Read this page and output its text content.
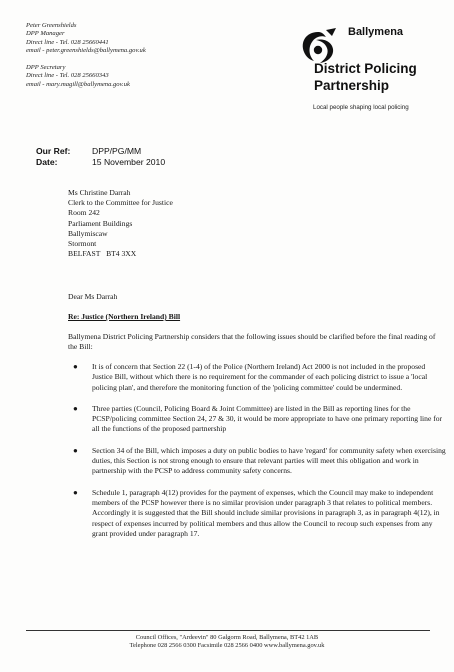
Peter Greenshields
DPP Manager
Direct line - Tel. 028 25660441
email - peter.greenshields@ballymena.gov.uk
DPP Secretary
Direct line - Tel. 028 25660343
email - mary.magill@ballymena.gov.uk
Ballymena
District Policing
Partnership
Local people shaping local policing
Our Ref:	DPP/PG/MM
Date:	15 November 2010
Ms Christine Darrah
Clerk to the Committee for Justice
Room 242
Parliament Buildings
Ballymiscaw
Stormont
BELFAST BT4 3XX
Dear Ms Darrah
Re: Justice (Northern Ireland) Bill
Ballymena District Policing Partnership considers that the following issues should be clarified before the final reading of the Bill:
● It is of concern that Section 22 (1-4) of the Police (Northern Ireland) Act 2000 is not included in the proposed Justice Bill, without which there is no requirement for the commander of each policing district to issue a 'local policing plan', and therefore the monitoring function of the 'policing committee' could be undermined.
● Three parties (Council, Policing Board & Joint Committee) are listed in the Bill as reporting lines for the PCSP/policing committee Section 24, 27 & 30, it would be more appropriate to have one primary reporting line for all the functions of the proposed partnership
● Section 34 of the Bill, which imposes a duty on public bodies to have 'regard' for community safety when exercising duties, this Section is not strong enough to ensure that relevant parties will meet this obligation and work in partnership with the PCSP to address community safety concerns.
● Schedule 1, paragraph 4(12) provides for the payment of expenses, which the Council may make to independent members of the PCSP however there is no similar provision under paragraph 3 that relates to political members. Accordingly it is suggested that the Bill should include similar provisions in paragraph 3, as in paragraph 4(12), in respect of expenses incurred by political members and thus allow the Council to recoup such expenses from any grant provided under paragraph 17.
Council Offices, "Ardeevin" 80 Galgorm Road, Ballymena, BT42 1AB
Telephone 028 2566 0300 Facsimile 028 2566 0400 www.ballymena.gov.uk
